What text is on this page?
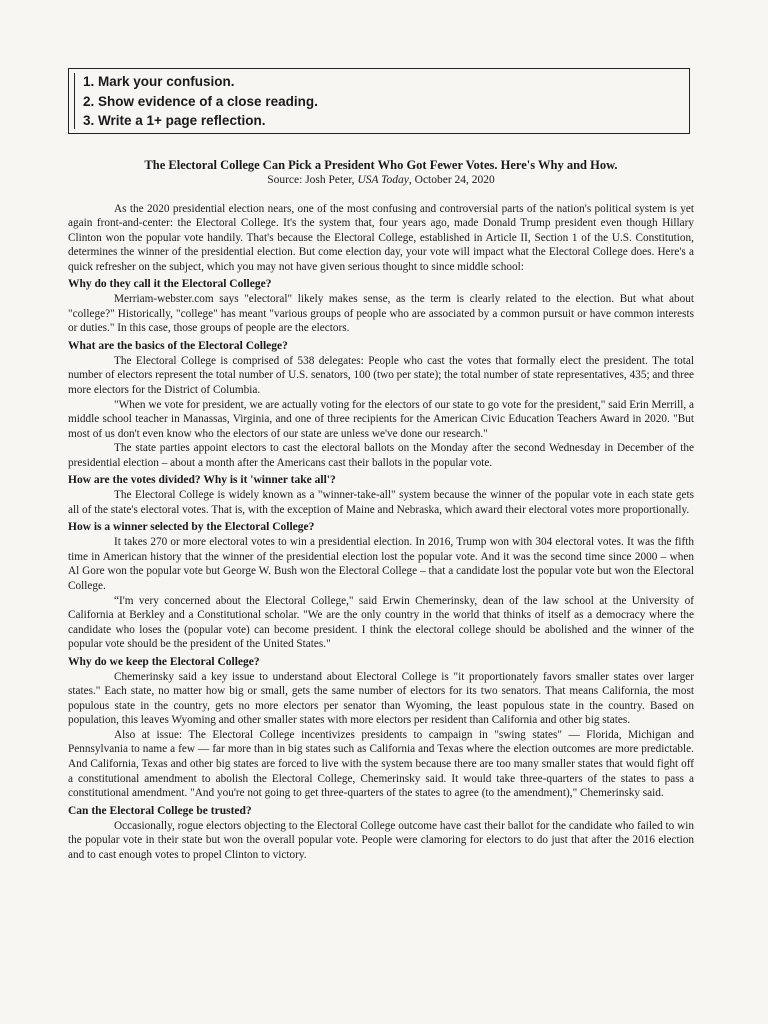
1. Mark your confusion.
2. Show evidence of a close reading.
3. Write a 1+ page reflection.
The Electoral College Can Pick a President Who Got Fewer Votes. Here's Why and How.
Source: Josh Peter, USA Today, October 24, 2020

As the 2020 presidential election nears, one of the most confusing and controversial parts of the nation's political system is yet again front-and-center: the Electoral College. It's the system that, four years ago, made Donald Trump president even though Hillary Clinton won the popular vote handily. That's because the Electoral College, established in Article II, Section 1 of the U.S. Constitution, determines the winner of the presidential election. But come election day, your vote will impact what the Electoral College does. Here's a quick refresher on the subject, which you may not have given serious thought to since middle school:

Why do they call it the Electoral College?

Merriam-webster.com says "electoral" likely makes sense, as the term is clearly related to the election. But what about "college?" Historically, "college" has meant "various groups of people who are associated by a common pursuit or have common interests or duties." In this case, those groups of people are the electors.

What are the basics of the Electoral College?

The Electoral College is comprised of 538 delegates: People who cast the votes that formally elect the president. The total number of electors represent the total number of U.S. senators, 100 (two per state); the total number of state representatives, 435; and three more electors for the District of Columbia.

"When we vote for president, we are actually voting for the electors of our state to go vote for the president," said Erin Merrill, a middle school teacher in Manassas, Virginia, and one of three recipients for the American Civic Education Teachers Award in 2020. "But most of us don't even know who the electors of our state are unless we've done our research."

The state parties appoint electors to cast the electoral ballots on the Monday after the second Wednesday in December of the presidential election – about a month after the Americans cast their ballots in the popular vote.

How are the votes divided? Why is it 'winner take all'?

The Electoral College is widely known as a "winner-take-all" system because the winner of the popular vote in each state gets all of the state's electoral votes. That is, with the exception of Maine and Nebraska, which award their electoral votes more proportionally.

How is a winner selected by the Electoral College?

It takes 270 or more electoral votes to win a presidential election. In 2016, Trump won with 304 electoral votes. It was the fifth time in American history that the winner of the presidential election lost the popular vote. And it was the second time since 2000 – when Al Gore won the popular vote but George W. Bush won the Electoral College – that a candidate lost the popular vote but won the Electoral College.

“I'm very concerned about the Electoral College," said Erwin Chemerinsky, dean of the law school at the University of California at Berkley and a Constitutional scholar. "We are the only country in the world that thinks of itself as a democracy where the candidate who loses the (popular vote) can become president. I think the electoral college should be abolished and the winner of the popular vote should be the president of the United States."

Why do we keep the Electoral College?

Chemerinsky said a key issue to understand about Electoral College is "it proportionately favors smaller states over larger states." Each state, no matter how big or small, gets the same number of electors for its two senators. That means California, the most populous state in the country, gets no more electors per senator than Wyoming, the least populous state in the country. Based on population, this leaves Wyoming and other smaller states with more electors per resident than California and other big states.

Also at issue: The Electoral College incentivizes presidents to campaign in "swing states" — Florida, Michigan and Pennsylvania to name a few — far more than in big states such as California and Texas where the election outcomes are more predictable. And California, Texas and other big states are forced to live with the system because there are too many smaller states that would fight off a constitutional amendment to abolish the Electoral College, Chemerinsky said. It would take three-quarters of the states to pass a constitutional amendment. "And you're not going to get three-quarters of the states to agree (to the amendment)," Chemerinsky said.

Can the Electoral College be trusted?

Occasionally, rogue electors objecting to the Electoral College outcome have cast their ballot for the candidate who failed to win the popular vote in their state but won the overall popular vote. People were clamoring for electors to do just that after the 2016 election and to cast enough votes to propel Clinton to victory.
